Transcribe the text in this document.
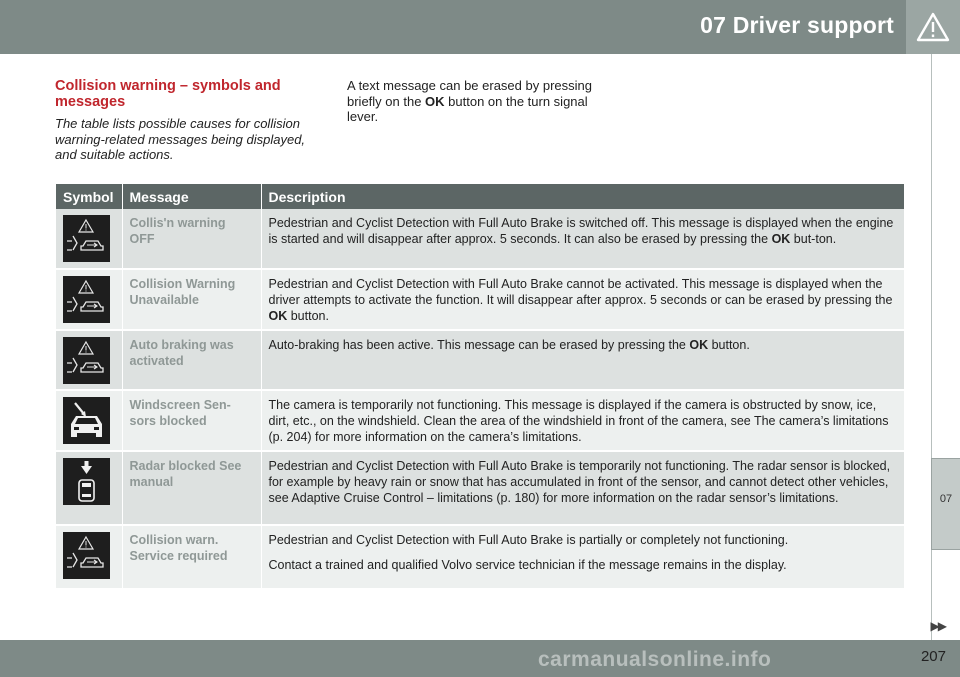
07 Driver support
07
Collision warning – symbols and messages
The table lists possible causes for collision warning-related messages being displayed, and suitable actions.
A text message can be erased by pressing briefly on the OK button on the turn signal lever.
Symbol	Message	Description

	Collis'n warning OFF	Pedestrian and Cyclist Detection with Full Auto Brake is switched off. This message is displayed when the engine is started and will disappear after approx. 5 seconds. It can also be erased by pressing the OK but-ton.

	Collision Warning Unavailable	Pedestrian and Cyclist Detection with Full Auto Brake cannot be activated. This message is displayed when the driver attempts to activate the function. It will disappear after approx. 5 seconds or can be erased by pressing the OK button.

	Auto braking was activated	Auto-braking has been active. This message can be erased by pressing the OK button.

	Windscreen Sen-sors blocked	The camera is temporarily not functioning. This message is displayed if the camera is obstructed by snow, ice, dirt, etc., on the windshield. Clean the area of the windshield in front of the camera, see The camera’s limitations (p. 204) for more information on the camera’s limitations.

	Radar blocked See manual	Pedestrian and Cyclist Detection with Full Auto Brake is temporarily not functioning. The radar sensor is blocked, for example by heavy rain or snow that has accumulated in front of the sensor, and cannot detect other vehicles, see Adaptive Cruise Control – limitations (p. 180) for more information on the radar sensor’s limitations.

	Collision warn. Service required	Pedestrian and Cyclist Detection with Full Auto Brake is partially or completely not functioning.
Contact a trained and qualified Volvo service technician if the message remains in the display.
▶▶
carmanualsonline.info	207
